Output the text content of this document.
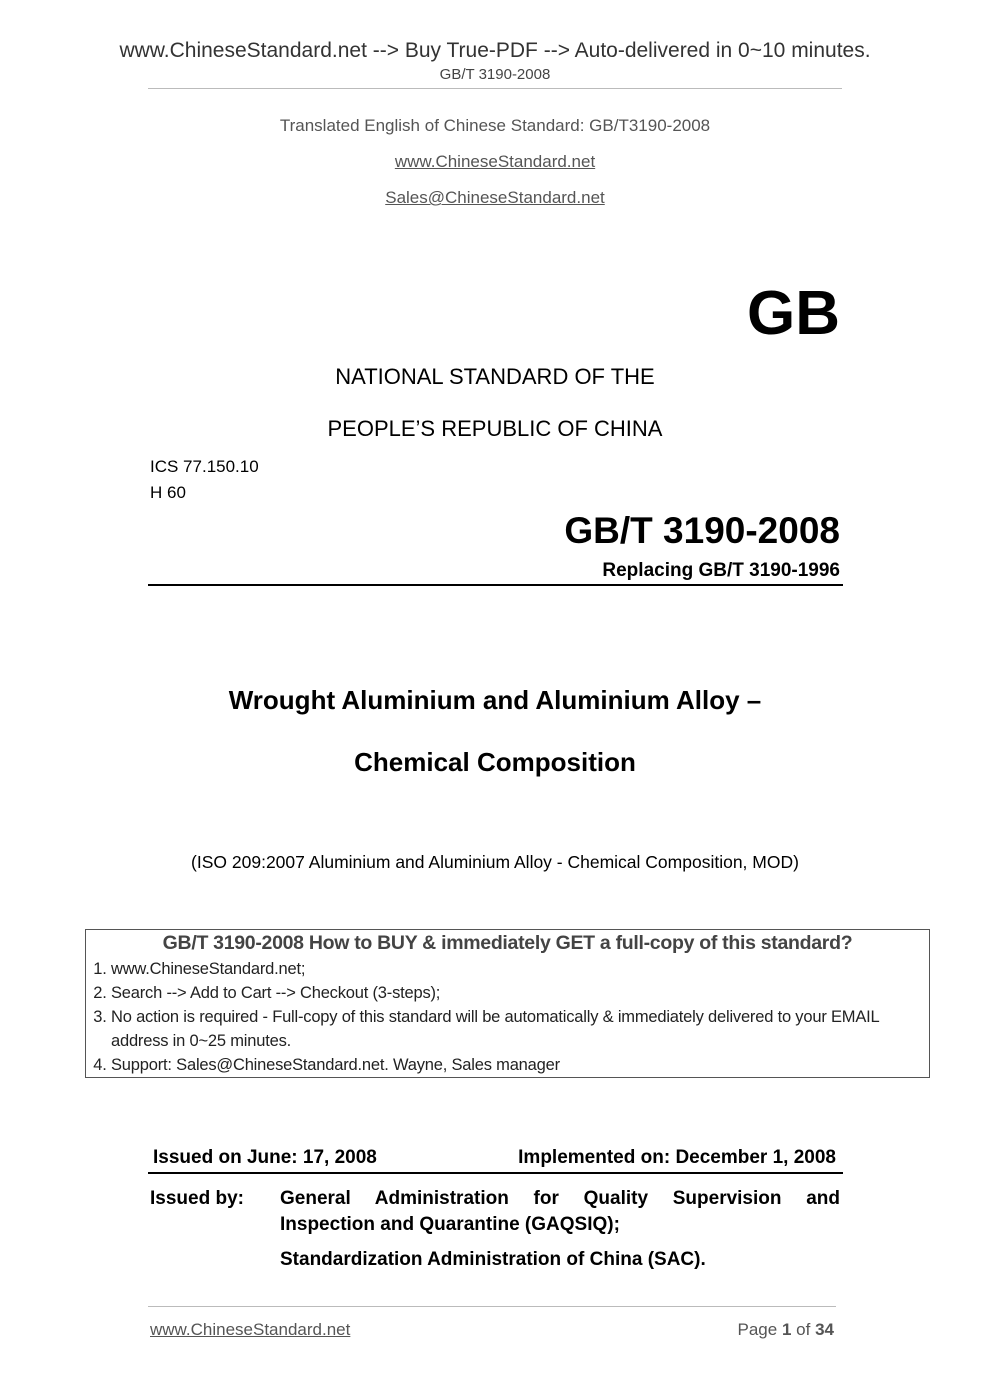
www.ChineseStandard.net --> Buy True-PDF --> Auto-delivered in 0~10 minutes.
GB/T 3190-2008
Translated English of Chinese Standard: GB/T3190-2008
www.ChineseStandard.net
Sales@ChineseStandard.net
GB
NATIONAL STANDARD OF THE
PEOPLE’S REPUBLIC OF CHINA
ICS 77.150.10
H 60
GB/T 3190-2008
Replacing GB/T 3190-1996
Wrought Aluminium and Aluminium Alloy –
Chemical Composition
(ISO 209:2007 Aluminium and Aluminium Alloy - Chemical Composition, MOD)
GB/T 3190-2008 How to BUY & immediately GET a full-copy of this standard?
1. www.ChineseStandard.net;
2. Search --> Add to Cart --> Checkout (3-steps);
3. No action is required - Full-copy of this standard will be automatically & immediately delivered to your EMAIL address in 0~25 minutes.
4. Support: Sales@ChineseStandard.net. Wayne, Sales manager
Issued on June: 17, 2008	Implemented on: December 1, 2008
Issued by:	General Administration for Quality Supervision and Inspection and Quarantine (GAQSIQ);
Standardization Administration of China (SAC).
www.ChineseStandard.net	Page 1 of 34
